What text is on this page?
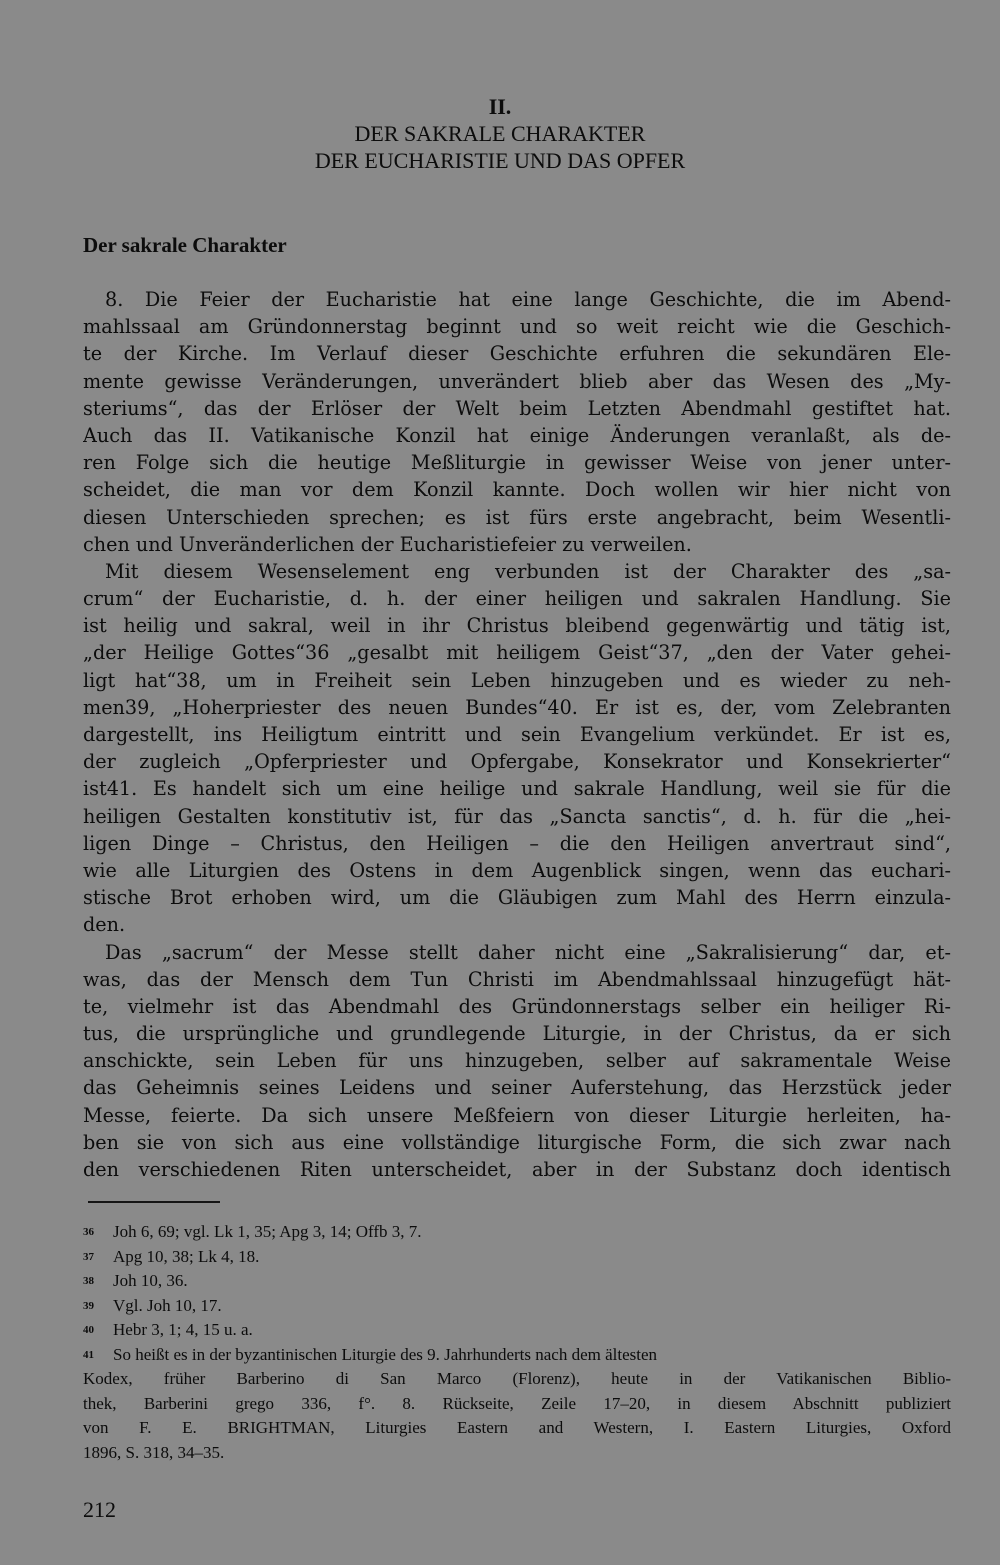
II.
DER SAKRALE CHARAKTER
DER EUCHARISTIE UND DAS OPFER
Der sakrale Charakter
8. Die Feier der Eucharistie hat eine lange Geschichte, die im Abend-
mahlssaal am Gründonnerstag beginnt und so weit reicht wie die Geschich-
te der Kirche. Im Verlauf dieser Geschichte erfuhren die sekundären Ele-
mente gewisse Veränderungen, unverändert blieb aber das Wesen des „My-
steriums“, das der Erlöser der Welt beim Letzten Abendmahl gestiftet hat.
Auch das II. Vatikanische Konzil hat einige Änderungen veranlaßt, als de-
ren Folge sich die heutige Meßliturgie in gewisser Weise von jener unter-
scheidet, die man vor dem Konzil kannte. Doch wollen wir hier nicht von
diesen Unterschieden sprechen; es ist fürs erste angebracht, beim Wesentli-
chen und Unveränderlichen der Eucharistiefeier zu verweilen.
Mit diesem Wesenselement eng verbunden ist der Charakter des „sa-
crum“ der Eucharistie, d. h. der einer heiligen und sakralen Handlung. Sie
ist heilig und sakral, weil in ihr Christus bleibend gegenwärtig und tätig ist,
„der Heilige Gottes“36 „gesalbt mit heiligem Geist“37, „den der Vater gehei-
ligt hat“38, um in Freiheit sein Leben hinzugeben und es wieder zu neh-
men39, „Hoherpriester des neuen Bundes“40. Er ist es, der, vom Zelebranten
dargestellt, ins Heiligtum eintritt und sein Evangelium verkündet. Er ist es,
der zugleich „Opferpriester und Opfergabe, Konsekrator und Konsekrierter“
ist41. Es handelt sich um eine heilige und sakrale Handlung, weil sie für die
heiligen Gestalten konstitutiv ist, für das „Sancta sanctis“, d. h. für die „hei-
ligen Dinge – Christus, den Heiligen – die den Heiligen anvertraut sind“,
wie alle Liturgien des Ostens in dem Augenblick singen, wenn das euchari-
stische Brot erhoben wird, um die Gläubigen zum Mahl des Herrn einzula-
den.
Das „sacrum“ der Messe stellt daher nicht eine „Sakralisierung“ dar, et-
was, das der Mensch dem Tun Christi im Abendmahlssaal hinzugefügt hät-
te, vielmehr ist das Abendmahl des Gründonnerstags selber ein heiliger Ri-
tus, die ursprüngliche und grundlegende Liturgie, in der Christus, da er sich
anschickte, sein Leben für uns hinzugeben, selber auf sakramentale Weise
das Geheimnis seines Leidens und seiner Auferstehung, das Herzstück jeder
Messe, feierte. Da sich unsere Meßfeiern von dieser Liturgie herleiten, ha-
ben sie von sich aus eine vollständige liturgische Form, die sich zwar nach
den verschiedenen Riten unterscheidet, aber in der Substanz doch identisch
36 Joh 6, 69; vgl. Lk 1, 35; Apg 3, 14; Offb 3, 7.
37 Apg 10, 38; Lk 4, 18.
38 Joh 10, 36.
39 Vgl. Joh 10, 17.
40 Hebr 3, 1; 4, 15 u. a.
41 So heißt es in der byzantinischen Liturgie des 9. Jahrhunderts nach dem ältesten
Kodex, früher Barberino di San Marco (Florenz), heute in der Vatikanischen Biblio-
thek, Barberini grego 336, f°. 8. Rückseite, Zeile 17–20, in diesem Abschnitt publiziert
von F. E. BRIGHTMAN, Liturgies Eastern and Western, I. Eastern Liturgies, Oxford
1896, S. 318, 34–35.
212
